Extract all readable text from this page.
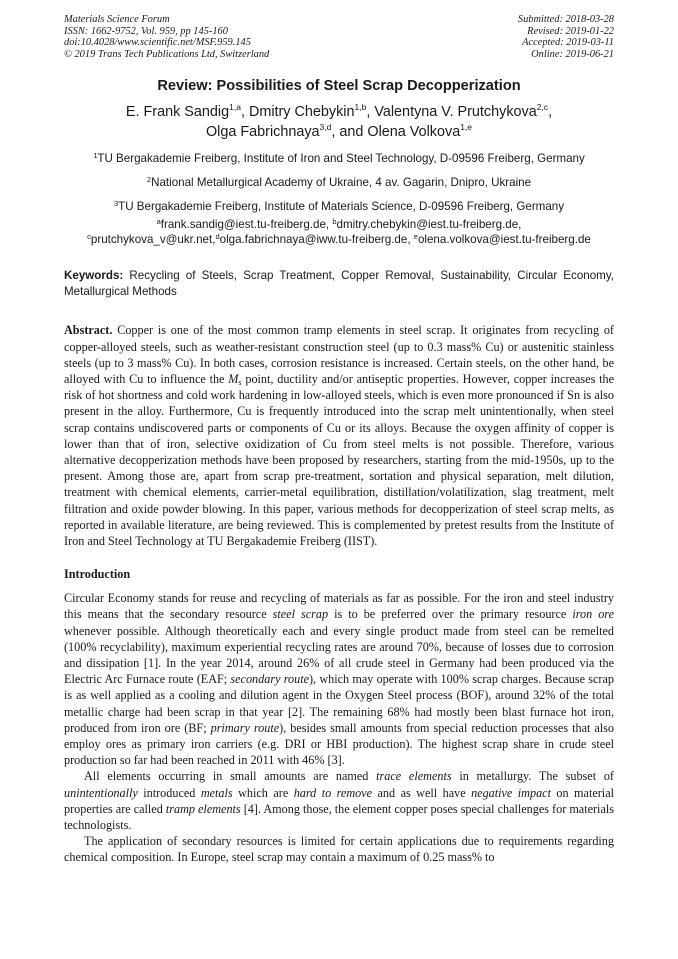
Materials Science Forum
ISSN: 1662-9752, Vol. 959, pp 145-160
doi:10.4028/www.scientific.net/MSF.959.145
© 2019 Trans Tech Publications Ltd, Switzerland
Submitted: 2018-03-28
Revised: 2019-01-22
Accepted: 2019-03-11
Online: 2019-06-21
Review: Possibilities of Steel Scrap Decopperization
E. Frank Sandig$^{1,a}$, Dmitry Chebykin$^{1,b}$, Valentyna V. Prutchykova$^{2,c}$,
Olga Fabrichnaya$^{3,d}$, and Olena Volkova$^{1,e}$
$^1$TU Bergakademie Freiberg, Institute of Iron and Steel Technology, D-09596 Freiberg, Germany
$^2$National Metallurgical Academy of Ukraine, 4 av. Gagarin, Dnipro, Ukraine
$^3$TU Bergakademie Freiberg, Institute of Materials Science, D-09596 Freiberg, Germany
$^a$frank.sandig@iest.tu-freiberg.de, $^b$dmitry.chebykin@iest.tu-freiberg.de,
$^c$prutchykova_v@ukr.net,$^d$olga.fabrichnaya@iww.tu-freiberg.de, $^e$olena.volkova@iest.tu-freiberg.de
Keywords: Recycling of Steels, Scrap Treatment, Copper Removal, Sustainability, Circular Economy, Metallurgical Methods
Abstract. Copper is one of the most common tramp elements in steel scrap. It originates from recycling of copper-alloyed steels, such as weather-resistant construction steel (up to 0.3 mass% Cu) or austenitic stainless steels (up to 3 mass% Cu). In both cases, corrosion resistance is increased. Certain steels, on the other hand, be alloyed with Cu to influence the $M_s$ point, ductility and/or antiseptic properties. However, copper increases the risk of hot shortness and cold work hardening in low-alloyed steels, which is even more pronounced if Sn is also present in the alloy. Furthermore, Cu is frequently introduced into the scrap melt unintentionally, when steel scrap contains undiscovered parts or components of Cu or its alloys. Because the oxygen affinity of copper is lower than that of iron, selective oxidization of Cu from steel melts is not possible. Therefore, various alternative decopperization methods have been proposed by researchers, starting from the mid-1950s, up to the present. Among those are, apart from scrap pre-treatment, sortation and physical separation, melt dilution, treatment with chemical elements, carrier-metal equilibration, distillation/volatilization, slag treatment, melt filtration and oxide powder blowing. In this paper, various methods for decopperization of steel scrap melts, as reported in available literature, are being reviewed. This is complemented by pretest results from the Institute of Iron and Steel Technology at TU Bergakademie Freiberg (IIST).
Introduction
Circular Economy stands for reuse and recycling of materials as far as possible. For the iron and steel industry this means that the secondary resource steel scrap is to be preferred over the primary resource iron ore whenever possible. Although theoretically each and every single product made from steel can be remelted (100% recyclability), maximum experiential recycling rates are around 70%, because of losses due to corrosion and dissipation [1]. In the year 2014, around 26% of all crude steel in Germany had been produced via the Electric Arc Furnace route (EAF; secondary route), which may operate with 100% scrap charges. Because scrap is as well applied as a cooling and dilution agent in the Oxygen Steel process (BOF), around 32% of the total metallic charge had been scrap in that year [2]. The remaining 68% had mostly been blast furnace hot iron, produced from iron ore (BF; primary route), besides small amounts from special reduction processes that also employ ores as primary iron carriers (e.g. DRI or HBI production). The highest scrap share in crude steel production so far had been reached in 2011 with 46% [3].
All elements occurring in small amounts are named trace elements in metallurgy. The subset of unintentionally introduced metals which are hard to remove and as well have negative impact on material properties are called tramp elements [4]. Among those, the element copper poses special challenges for materials technologists.
The application of secondary resources is limited for certain applications due to requirements regarding chemical composition. In Europe, steel scrap may contain a maximum of 0.25 mass% to
